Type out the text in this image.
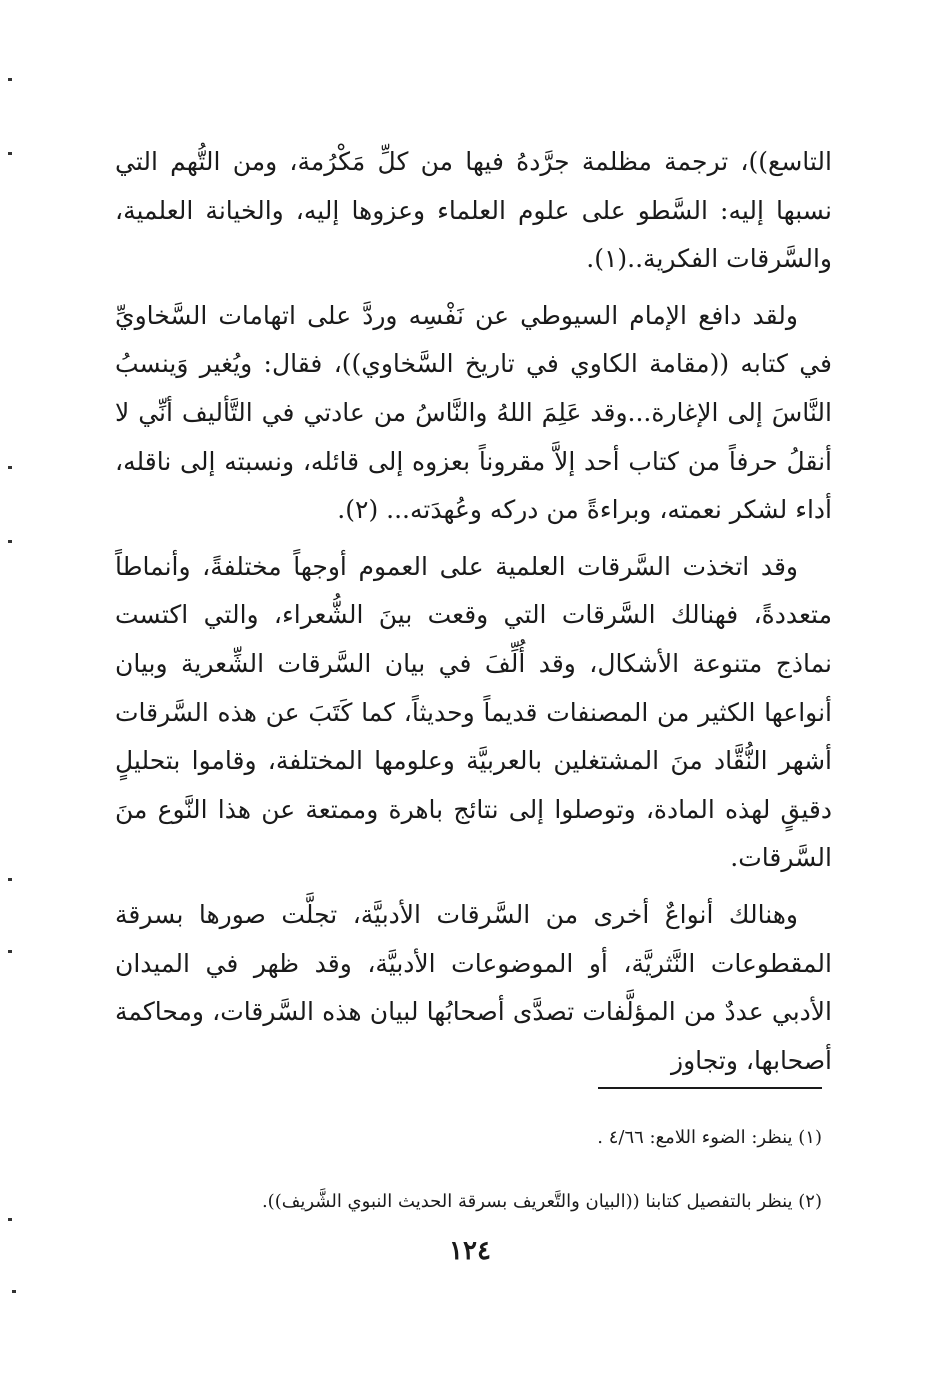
التاسع))، ترجمة مظلمة جرَّدهُ فيها من كلِّ مَكْرُمة، ومن التُّهم التي نسبها إليه: السَّطو على علوم العلماء وعزوها إليه، والخيانة العلمية، والسَّرقات الفكرية..(١).

ولقد دافع الإمام السيوطي عن نَفْسِه وردَّ على اتهامات السَّخاويِّ في كتابه ((مقامة الكاوي في تاريخ السَّخاوي))، فقال: ويُغير وَينسبُ النَّاسَ إلى الإغارة...وقد عَلِمَ اللهُ والنَّاسُ من عادتي في التَّأليف أنِّي لا أنقلُ حرفاً من كتاب أحد إلاَّ مقروناً بعزوه إلى قائله، ونسبته إلى ناقله، أداء لشكر نعمته، وبراءةً من دركه وعُهدَته... (٢).

وقد اتخذت السَّرقات العلمية على العموم أوجهاً مختلفةً، وأنماطاً متعددةً، فهنالك السَّرقات التي وقعت بينَ الشُّعراء، والتي اكتست نماذج متنوعة الأشكال، وقد أُلِّفَ في بيان السَّرقات الشِّعرية وبيان أنواعها الكثير من المصنفات قديماً وحديثاً، كما كَتَبَ عن هذه السَّرقات أشهر النُّقَّاد منَ المشتغلين بالعربيَّة وعلومها المختلفة، وقاموا بتحليلٍ دقيقٍ لهذه المادة، وتوصلوا إلى نتائج باهرة وممتعة عن هذا النَّوع منَ السَّرقات.

وهنالك أنواعٌ أخرى من السَّرقات الأدبيَّة، تجلَّت صورها بسرقة المقطوعات النَّثريَّة، أو الموضوعات الأدبيَّة، وقد ظهر في الميدان الأدبي عددٌ من المؤلَّفات تصدَّى أصحابُها لبيان هذه السَّرقات، ومحاكمة أصحابها، وتجاوز

(١) ينظر: الضوء اللامع: ٤/٦٦ .

(٢) ينظر بالتفصيل كتابنا ((البيان والتَّعريف بسرقة الحديث النبوي الشَّريف)).

١٢٤
